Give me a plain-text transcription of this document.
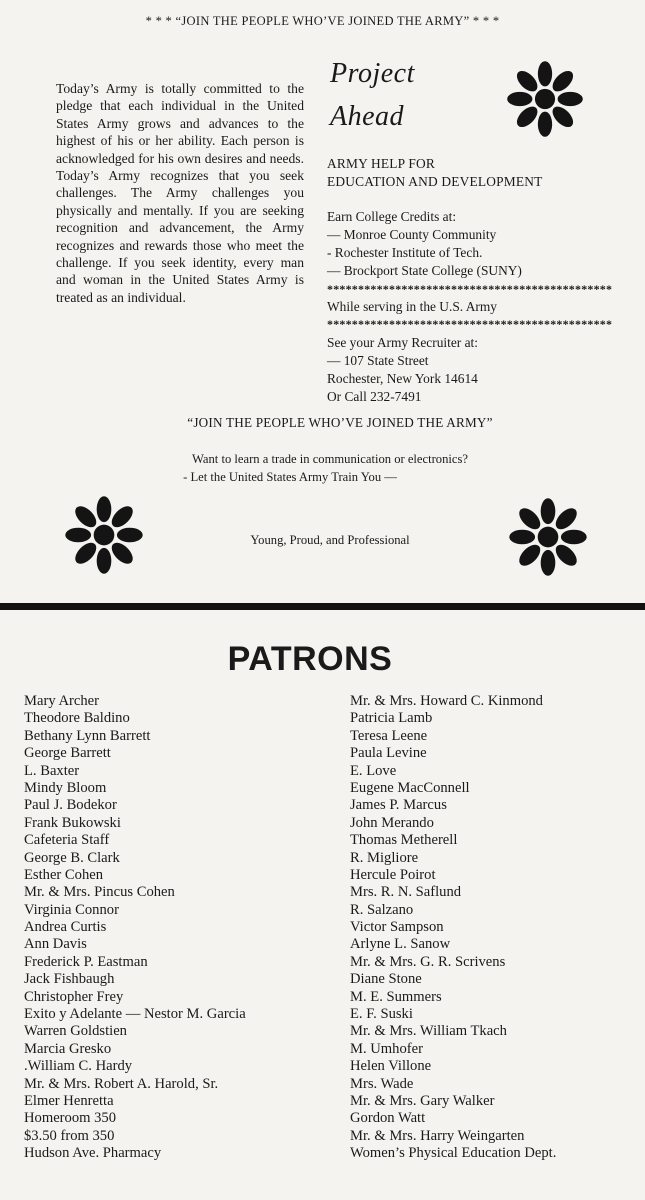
* * * “JOIN THE PEOPLE WHO’VE JOINED THE ARMY” * * *
Today’s Army is totally committed to the pledge that each individual in the United States Army grows and advances to the highest of his or her ability. Each person is acknowledged for his own desires and needs. Today’s Army recognizes that you seek challenges. The Army challenges you physically and mentally. If you are seeking recognition and advancement, the Army recognizes and rewards those who meet the challenge. If you seek identity, every man and woman in the United States Army is treated as an individual.
Project
Ahead
ARMY HELP FOR
EDUCATION AND DEVELOPMENT
Earn College Credits at:
— Monroe County Community
- Rochester Institute of Tech.
— Brockport State College (SUNY)
**********************************************
While serving in the U.S. Army
**********************************************
See your Army Recruiter at:
— 107 State Street
Rochester, New York 14614
Or Call 232-7491
“JOIN THE PEOPLE WHO’VE JOINED THE ARMY”
Want to learn a trade in communication or electronics?
- Let the United States Army Train You —
Young, Proud, and Professional
PATRONS
Mary Archer
Theodore Baldino
Bethany Lynn Barrett
George Barrett
L. Baxter
Mindy Bloom
Paul J. Bodekor
Frank Bukowski
Cafeteria Staff
George B. Clark
Esther Cohen
Mr. & Mrs. Pincus Cohen
Virginia Connor
Andrea Curtis
Ann Davis
Frederick P. Eastman
Jack Fishbaugh
Christopher Frey
Exito y Adelante — Nestor M. Garcia
Warren Goldstien
Marcia Gresko
.William C. Hardy
Mr. & Mrs. Robert A. Harold, Sr.
Elmer Henretta
Homeroom 350
$3.50 from 350
Hudson Ave. Pharmacy
Mr. & Mrs. Howard C. Kinmond
Patricia Lamb
Teresa Leene
Paula Levine
E. Love
Eugene MacConnell
James P. Marcus
John Merando
Thomas Metherell
R. Migliore
Hercule Poirot
Mrs. R. N. Saflund
R. Salzano
Victor Sampson
Arlyne L. Sanow
Mr. & Mrs. G. R. Scrivens
Diane Stone
M. E. Summers
E. F. Suski
Mr. & Mrs. William Tkach
M. Umhofer
Helen Villone
Mrs. Wade
Mr. & Mrs. Gary Walker
Gordon Watt
Mr. & Mrs. Harry Weingarten
Women’s Physical Education Dept.
